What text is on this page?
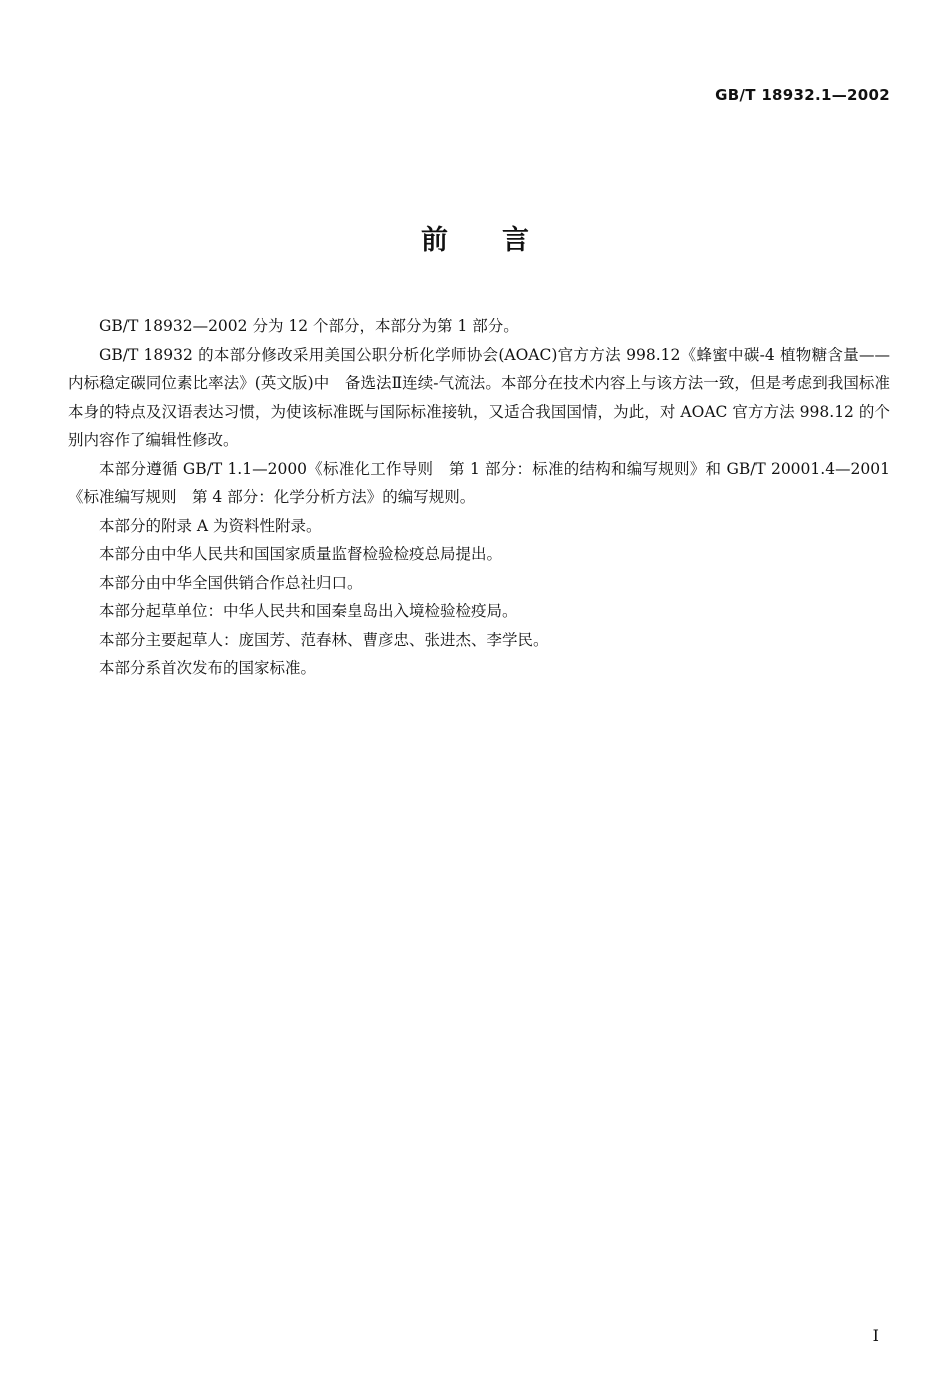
GB/T 18932.1—2002
前言

GB/T 18932—2002 分为 12 个部分，本部分为第 1 部分。

GB/T 18932 的本部分修改采用美国公职分析化学师协会(AOAC)官方方法 998.12《蜂蜜中碳-4 植物糖含量——内标稳定碳同位素比率法》(英文版)中　备选法Ⅱ连续-气流法。本部分在技术内容上与该方法一致，但是考虑到我国标准本身的特点及汉语表达习惯，为使该标准既与国际标准接轨，又适合我国国情，为此，对 AOAC 官方方法 998.12 的个别内容作了编辑性修改。

本部分遵循 GB/T 1.1—2000《标准化工作导则　第 1 部分：标准的结构和编写规则》和 GB/T 20001.4—2001《标准编写规则　第 4 部分：化学分析方法》的编写规则。

本部分的附录 A 为资料性附录。

本部分由中华人民共和国国家质量监督检验检疫总局提出。

本部分由中华全国供销合作总社归口。

本部分起草单位：中华人民共和国秦皇岛出入境检验检疫局。

本部分主要起草人：庞国芳、范春林、曹彦忠、张进杰、李学民。

本部分系首次发布的国家标准。

I
